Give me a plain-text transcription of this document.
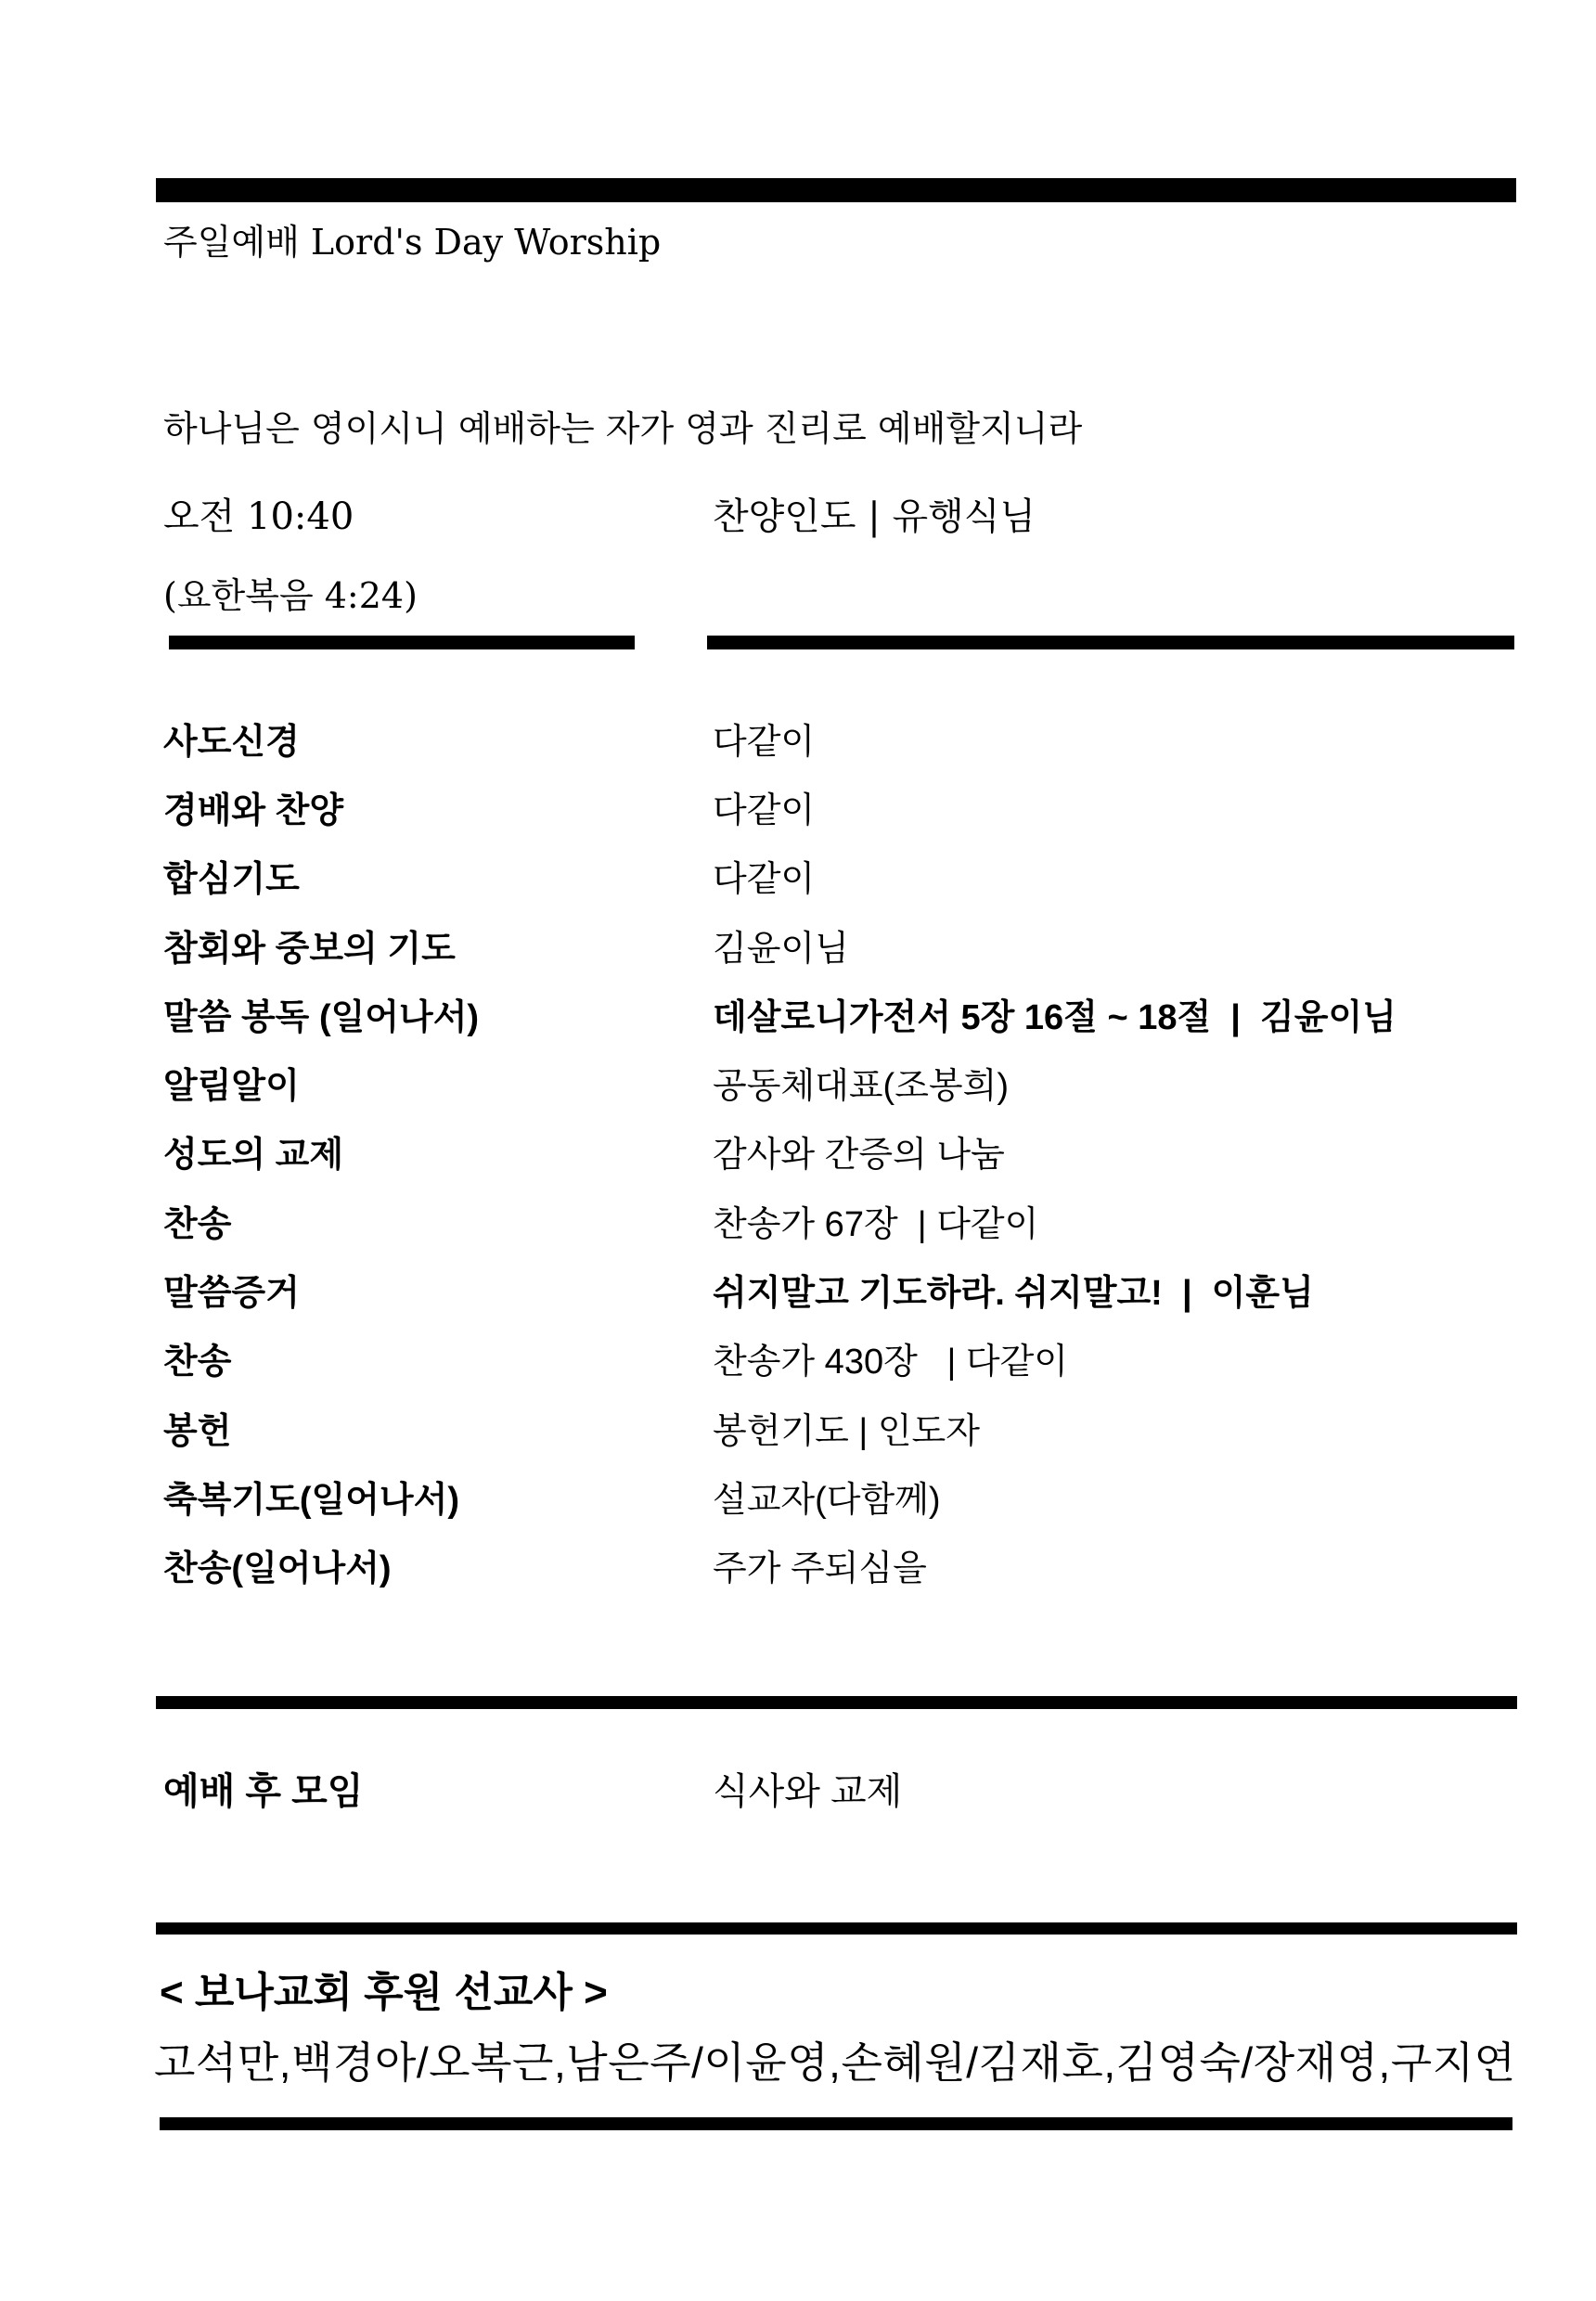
주일예배 Lord's Day Worship

하나님은 영이시니 예배하는 자가 영과 진리로 예배할지니라

(요한복음 4:24)

오전 10:40	찬양인도 | 유행식님
사도신경	다같이
경배와 찬양	다같이
합심기도	다같이
참회와 중보의 기도	김윤이님
말씀 봉독 (일어나서)	데살로니가전서 5장 16절 ~ 18절  |  김윤이님
알림알이	공동체대표(조봉희)
성도의 교제	감사와 간증의 나눔
찬송	찬송가 67장  | 다같이
말씀증거	쉬지말고 기도하라. 쉬지말고!  |  이훈님
찬송	찬송가 430장   | 다같이
봉헌	봉헌기도 | 인도자
축복기도(일어나서)	설교자(다함께)
찬송(일어나서)	주가 주되심을
예배 후 모임	식사와 교제
< 보나교회 후원 선교사 >
고석만,백경아/오복근,남은주/이윤영,손혜원/김재호,김영숙/장재영,구지연
